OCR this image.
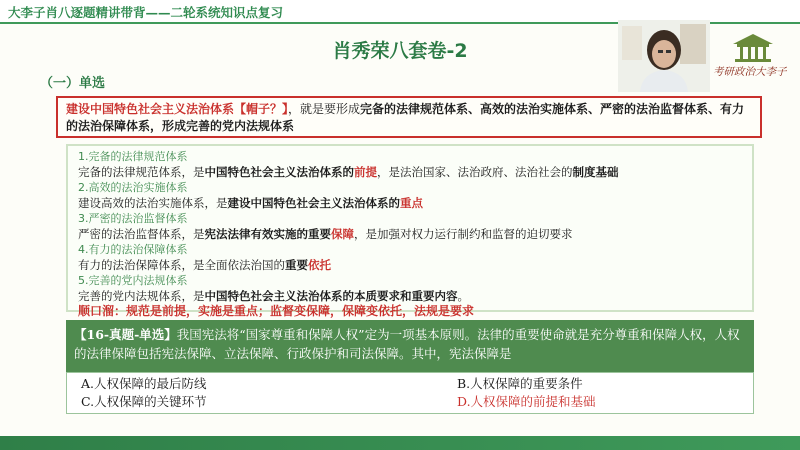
大李子肖八逐题精讲带背——二轮系统知识点复习
肖秀荣八套卷-2
（一）单选
考研政治大李子
建设中国特色社会主义法治体系【帽子？】，就是要形成完备的法律规范体系、高效的法治实施体系、严密的法治监督体系、有力的法治保障体系，形成完善的党内法规体系
1.完备的法律规范体系
完备的法律规范体系，是中国特色社会主义法治体系的前提，是法治国家、法治政府、法治社会的制度基础
2.高效的法治实施体系
建设高效的法治实施体系，是建设中国特色社会主义法治体系的重点
3.严密的法治监督体系
严密的法治监督体系，是宪法法律有效实施的重要保障，是加强对权力运行制约和监督的迫切要求
4.有力的法治保障体系
有力的法治保障体系，是全面依法治国的重要依托
5.完善的党内法规体系
完善的党内法规体系，是中国特色社会主义法治体系的本质要求和重要内容。
顺口溜：规范是前提，实施是重点；监督变保障，保障变依托，法规是要求
【16-真题-单选】我国宪法将“国家尊重和保障人权”定为一项基本原则。法律的重要使命就是充分尊重和保障人权，人权的法律保障包括宪法保障、立法保障、行政保护和司法保障。其中，宪法保障是
A.人权保障的最后防线	B.人权保障的重要条件
C.人权保障的关键环节	D.人权保障的前提和基础
